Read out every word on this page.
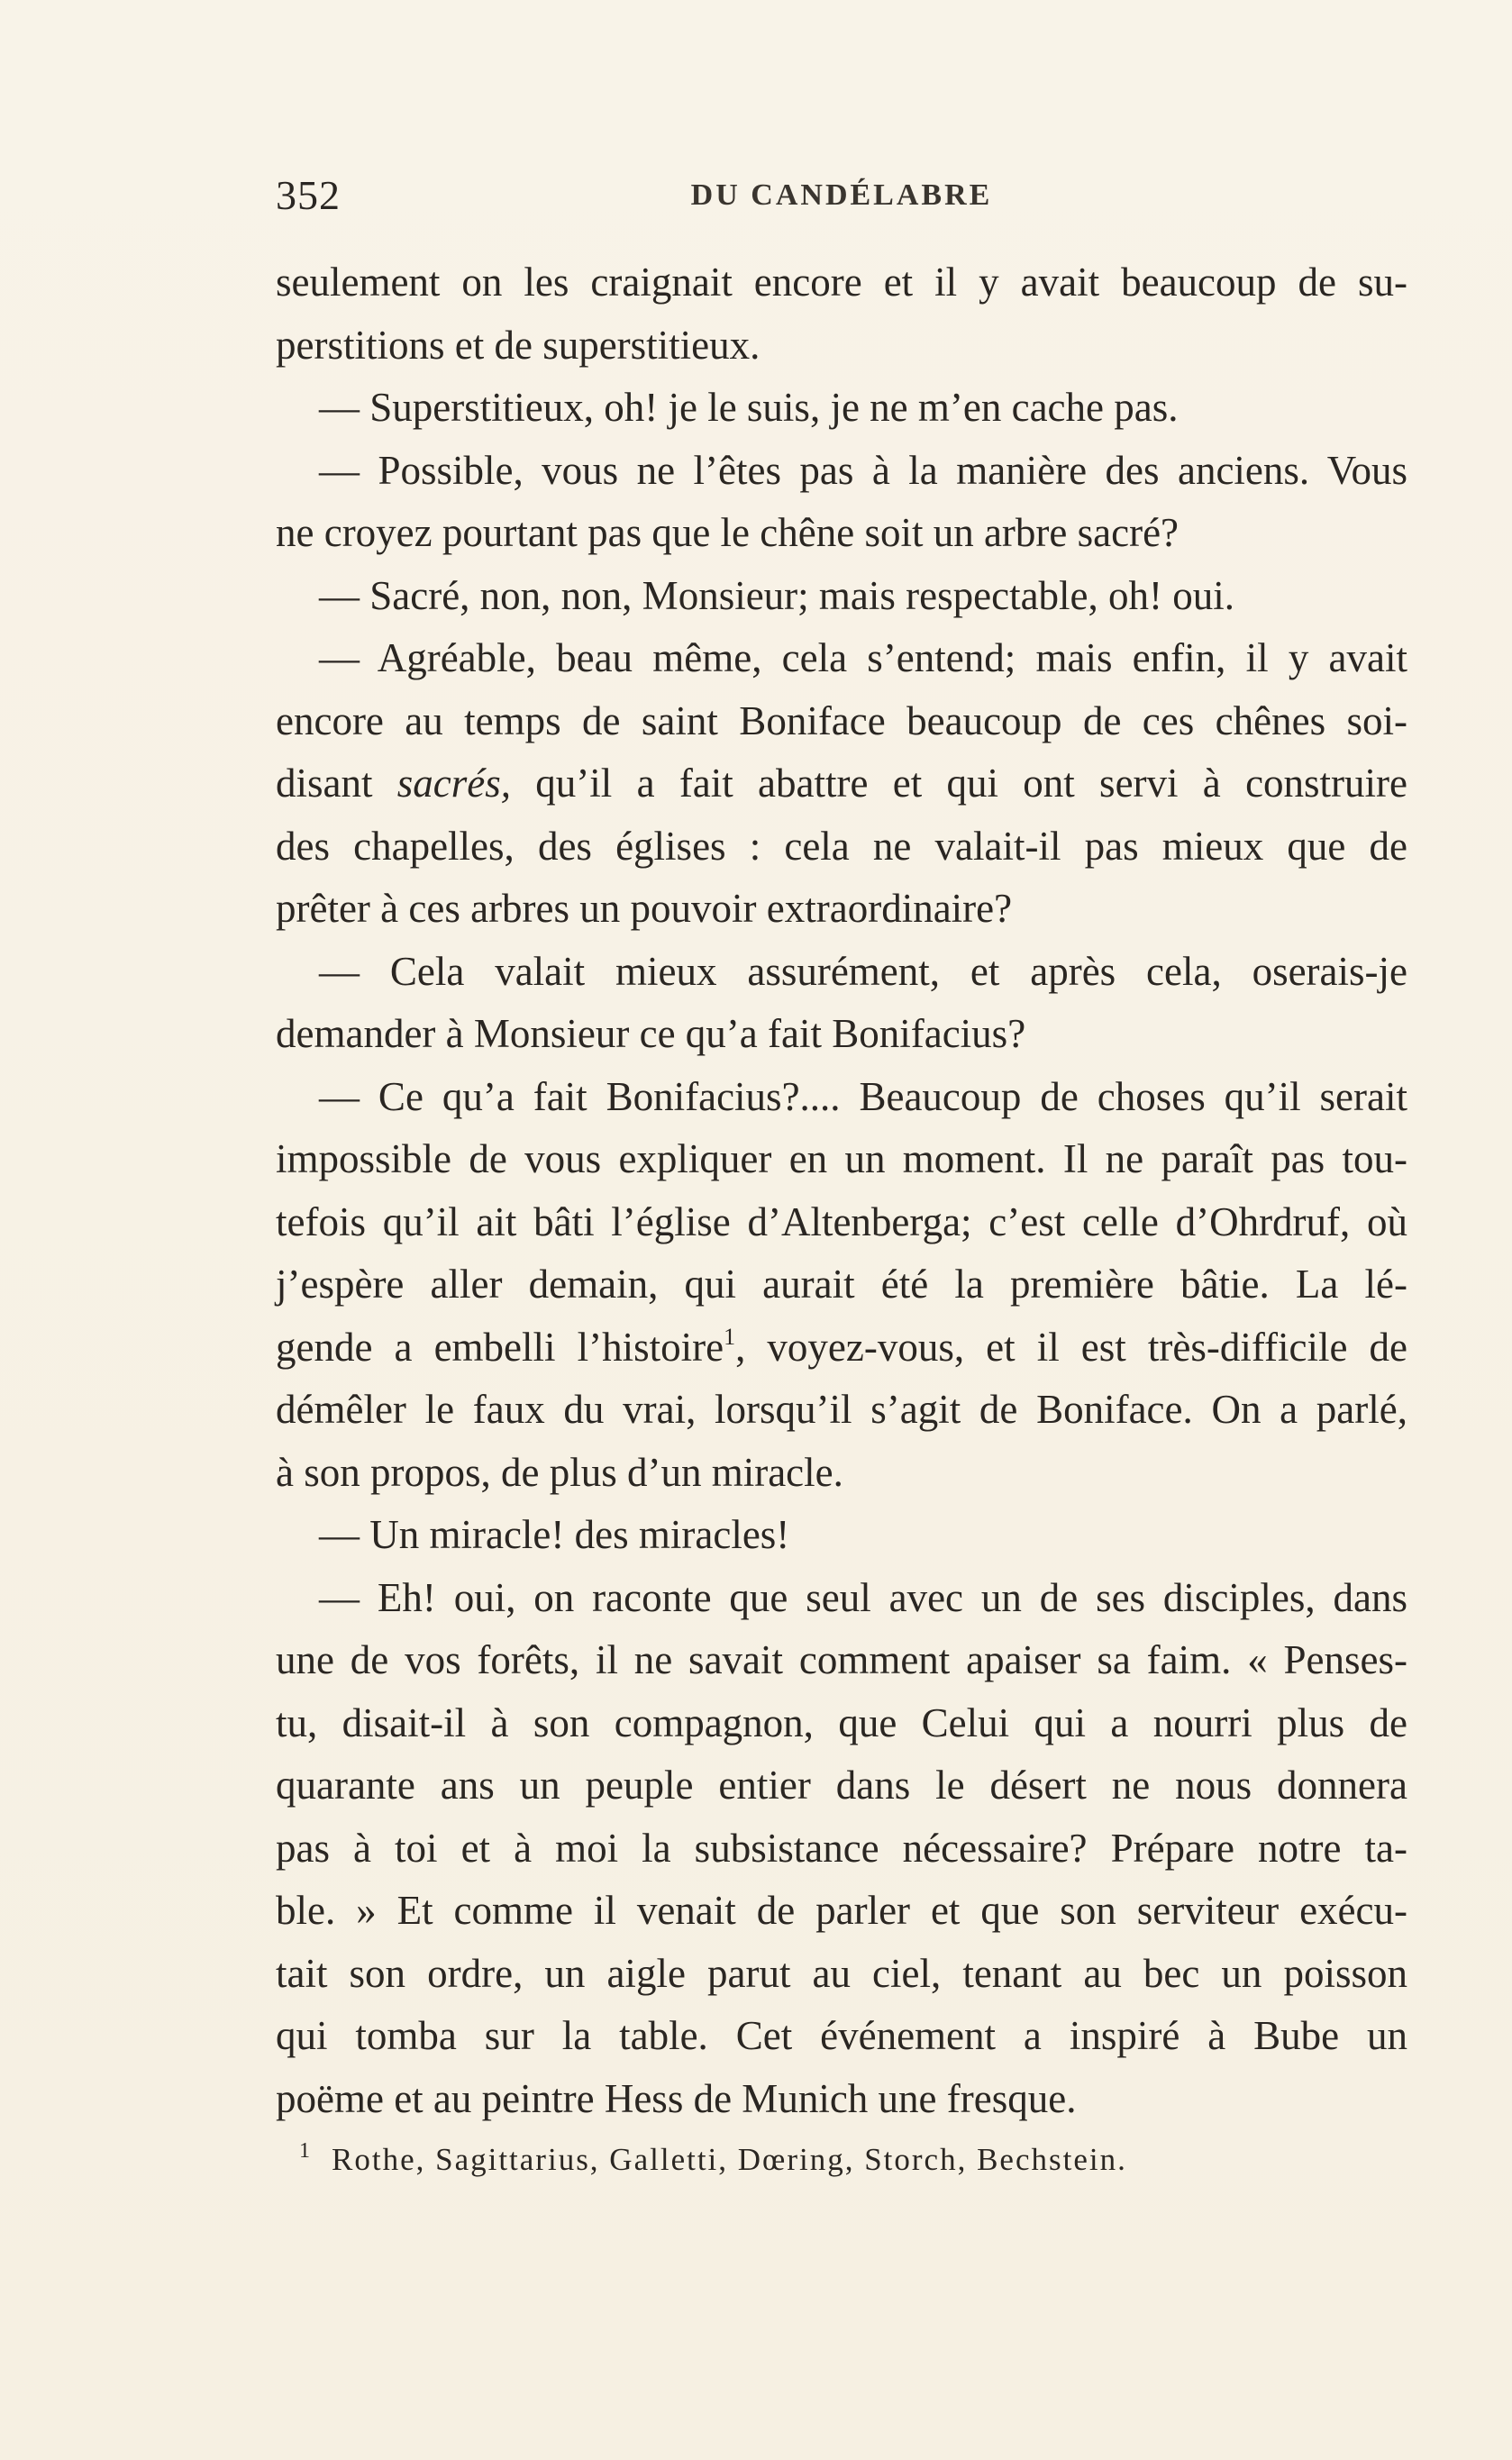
352	DU CANDÉLABRE
seulement on les craignait encore et il y avait beaucoup de su-
perstitions et de superstitieux.
— Superstitieux, oh! je le suis, je ne m’en cache pas.
— Possible, vous ne l’êtes pas à la manière des anciens. Vous
ne croyez pourtant pas que le chêne soit un arbre sacré?
— Sacré, non, non, Monsieur; mais respectable, oh! oui.
— Agréable, beau même, cela s’entend; mais enfin, il y avait
encore au temps de saint Boniface beaucoup de ces chênes soi-
disant sacrés, qu’il a fait abattre et qui ont servi à construire
des chapelles, des églises : cela ne valait-il pas mieux que de
prêter à ces arbres un pouvoir extraordinaire?
— Cela valait mieux assurément, et après cela, oserais-je
demander à Monsieur ce qu’a fait Bonifacius?
— Ce qu’a fait Bonifacius?.... Beaucoup de choses qu’il serait
impossible de vous expliquer en un moment. Il ne paraît pas tou-
tefois qu’il ait bâti l’église d’Altenberga; c’est celle d’Ohrdruf, où
j’espère aller demain, qui aurait été la première bâtie. La lé-
gende a embelli l’histoire$^1$, voyez-vous, et il est très-difficile de
démêler le faux du vrai, lorsqu’il s’agit de Boniface. On a parlé,
à son propos, de plus d’un miracle.
— Un miracle! des miracles!
— Eh! oui, on raconte que seul avec un de ses disciples, dans
une de vos forêts, il ne savait comment apaiser sa faim. « Penses-
tu, disait-il à son compagnon, que Celui qui a nourri plus de
quarante ans un peuple entier dans le désert ne nous donnera
pas à toi et à moi la subsistance nécessaire? Prépare notre ta-
ble. » Et comme il venait de parler et que son serviteur exécu-
tait son ordre, un aigle parut au ciel, tenant au bec un poisson
qui tomba sur la table. Cet événement a inspiré à Bube un
poëme et au peintre Hess de Munich une fresque.
$^1$ Rothe, Sagittarius, Galletti, Dœring, Storch, Bechstein.
